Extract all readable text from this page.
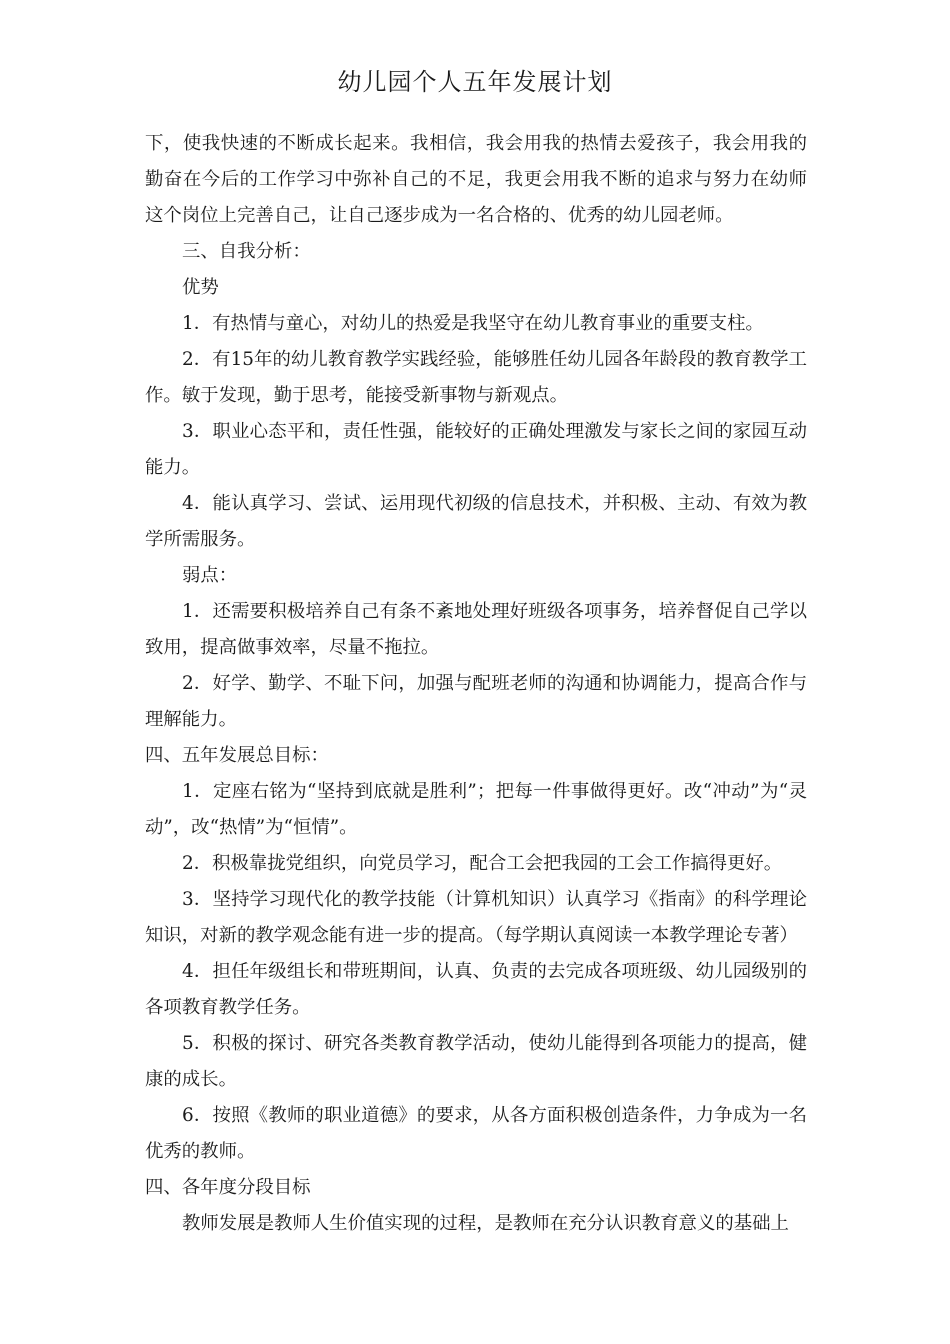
幼儿园个人五年发展计划

下，使我快速的不断成长起来。我相信，我会用我的热情去爱孩子，我会用我的勤奋在今后的工作学习中弥补自己的不足，我更会用我不断的追求与努力在幼师这个岗位上完善自己，让自己逐步成为一名合格的、优秀的幼儿园老师。

三、自我分析：

优势

1．有热情与童心，对幼儿的热爱是我坚守在幼儿教育事业的重要支柱。

2．有15年的幼儿教育教学实践经验，能够胜任幼儿园各年龄段的教育教学工作。敏于发现，勤于思考，能接受新事物与新观点。

3．职业心态平和，责任性强，能较好的正确处理激发与家长之间的家园互动能力。

4．能认真学习、尝试、运用现代初级的信息技术，并积极、主动、有效为教学所需服务。

弱点：

1．还需要积极培养自己有条不紊地处理好班级各项事务，培养督促自己学以致用，提高做事效率，尽量不拖拉。

2．好学、勤学、不耻下问，加强与配班老师的沟通和协调能力，提高合作与理解能力。

四、五年发展总目标：

1．定座右铭为“坚持到底就是胜利”；把每一件事做得更好。改“冲动”为“灵动”，改“热情”为“恒情”。

2．积极靠拢党组织，向党员学习，配合工会把我园的工会工作搞得更好。

3．坚持学习现代化的教学技能（计算机知识）认真学习《指南》的科学理论知识，对新的教学观念能有进一步的提高。（每学期认真阅读一本教学理论专著）

4．担任年级组长和带班期间，认真、负责的去完成各项班级、幼儿园级别的各项教育教学任务。

5．积极的探讨、研究各类教育教学活动，使幼儿能得到各项能力的提高，健康的成长。

6．按照《教师的职业道德》的要求，从各方面积极创造条件，力争成为一名优秀的教师。

四、各年度分段目标

教师发展是教师人生价值实现的过程，是教师在充分认识教育意义的基础上
